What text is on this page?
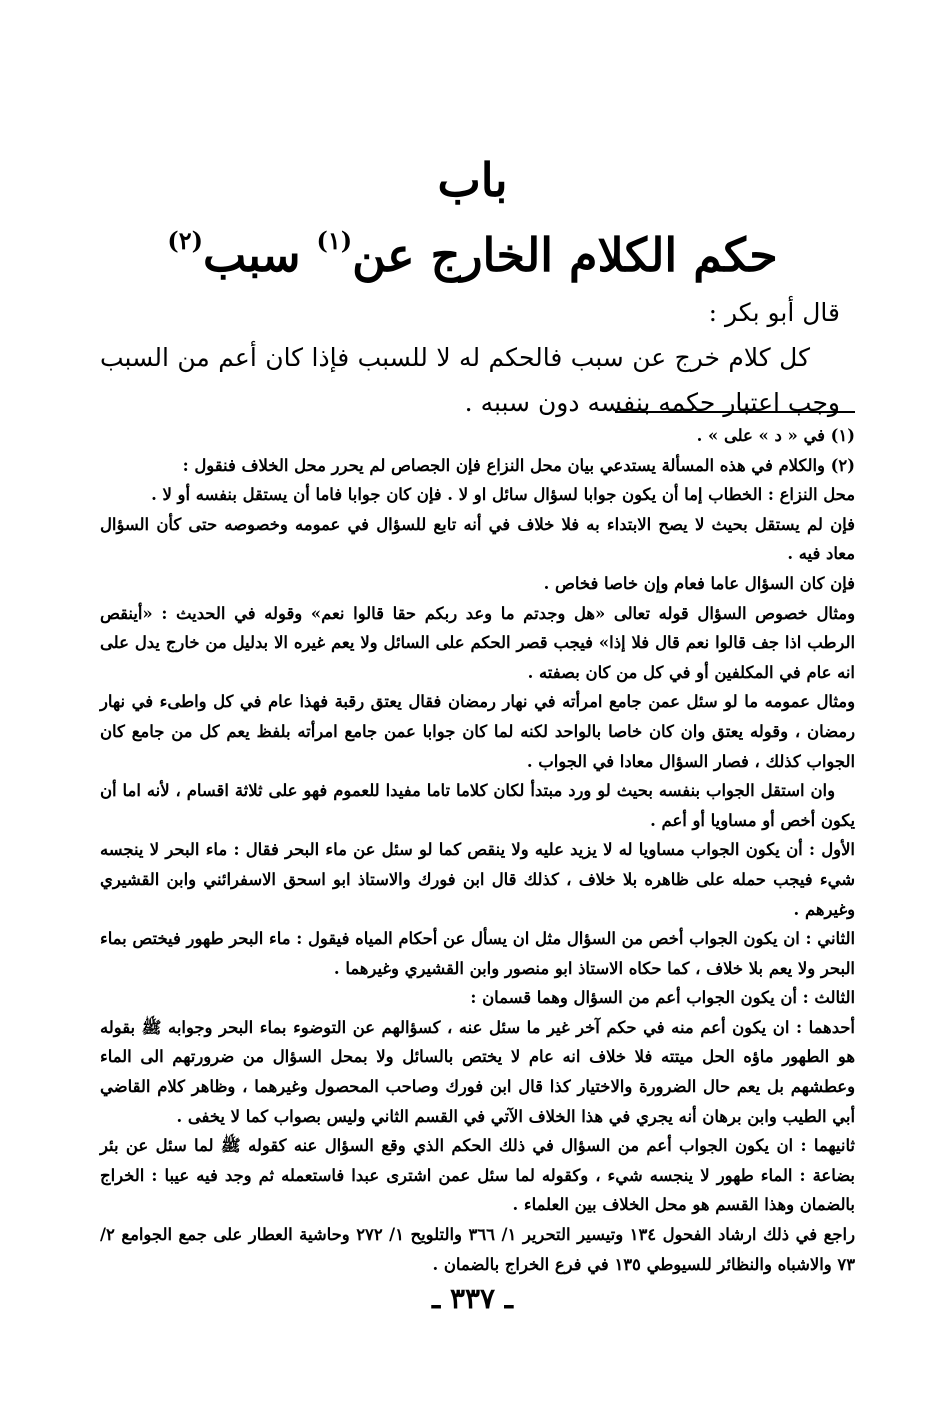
باب
حكم الكلام الخارج عن$^{(١)}$ سبب$^{(٢)}$
قال أبو بكر :

كل كلام خرج عن سبب فالحكم له لا للسبب فإذا كان أعم من السبب وجب اعتبار حكمه بنفسه دون سببه .

(١) في « د » على » .

(٢) والكلام في هذه المسألة يستدعي بيان محل النزاع فإن الجصاص لم يحرر محل الخلاف فنقول :

محل النزاع : الخطاب إما أن يكون جوابا لسؤال سائل او لا . فإن كان جوابا فاما أن يستقل بنفسه أو لا .

فإن لم يستقل بحيث لا يصح الابتداء به فلا خلاف في أنه تابع للسؤال في عمومه وخصوصه حتى كأن السؤال معاد فيه .

فإن كان السؤال عاما فعام وإن خاصا فخاص .

ومثال خصوص السؤال قوله تعالى «هل وجدتم ما وعد ربكم حقا قالوا نعم» وقوله في الحديث : «أينقص الرطب اذا جف قالوا نعم قال فلا إذا» فيجب قصر الحكم على السائل ولا يعم غيره الا بدليل من خارج يدل على انه عام في المكلفين أو في كل من كان بصفته .

ومثال عمومه ما لو سئل عمن جامع امرأته في نهار رمضان فقال يعتق رقبة فهذا عام في كل واطىء في نهار رمضان ، وقوله يعتق وان كان خاصا بالواحد لكنه لما كان جوابا عمن جامع امرأته بلفظ يعم كل من جامع كان الجواب كذلك ، فصار السؤال معادا في الجواب .

وان استقل الجواب بنفسه بحيث لو ورد مبتدأ لكان كلاما تاما مفيدا للعموم فهو على ثلاثة اقسام ، لأنه اما أن يكون أخص أو مساويا أو أعم .

الأول : أن يكون الجواب مساويا له لا يزيد عليه ولا ينقص كما لو سئل عن ماء البحر فقال : ماء البحر لا ينجسه شيء فيجب حمله على ظاهره بلا خلاف ، كذلك قال ابن فورك والاستاذ ابو اسحق الاسفرائني وابن القشيري وغيرهم .

الثاني : ان يكون الجواب أخص من السؤال مثل ان يسأل عن أحكام المياه فيقول : ماء البحر طهور فيختص بماء البحر ولا يعم بلا خلاف ، كما حكاه الاستاذ ابو منصور وابن القشيري وغيرهما .

الثالث : أن يكون الجواب أعم من السؤال وهما قسمان :

أحدهما : ان يكون أعم منه في حكم آخر غير ما سئل عنه ، كسؤالهم عن التوضوء بماء البحر وجوابه ﷺ بقوله هو الطهور ماؤه الحل ميتته فلا خلاف انه عام لا يختص بالسائل ولا بمحل السؤال من ضرورتهم الى الماء وعطشهم بل يعم حال الضرورة والاختيار كذا قال ابن فورك وصاحب المحصول وغيرهما ، وظاهر كلام القاضي أبي الطيب وابن برهان أنه يجري في هذا الخلاف الآتي في القسم الثاني وليس بصواب كما لا يخفى .

ثانيهما : ان يكون الجواب أعم من السؤال في ذلك الحكم الذي وقع السؤال عنه كقوله ﷺ لما سئل عن بئر بضاعة : الماء طهور لا ينجسه شيء ، وكقوله لما سئل عمن اشترى عبدا فاستعمله ثم وجد فيه عيبا : الخراج بالضمان وهذا القسم هو محل الخلاف بين العلماء .

راجع في ذلك ارشاد الفحول ١٣٤ وتيسير التحرير ١/ ٣٦٦ والتلويح ١/ ٢٧٢ وحاشية العطار على جمع الجوامع ٢/ ٧٣ والاشباه والنظائر للسيوطي ١٣٥ في فرع الخراج بالضمان .

ـ ٣٣٧ ـ
